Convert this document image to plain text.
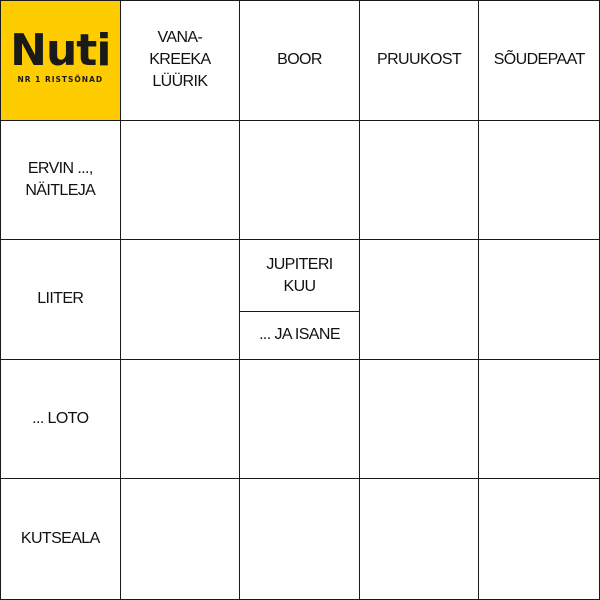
Nuti
NR 1 RISTSÕNAD
VANA-
KREEKA
LÜÜRIK
BOOR	PRUUKOST SÕUDEPAAT
ERVIN ...,
NÄITLEJA
LIITER
JUPITERI
KUU
... JA ISANE
... LOTO
KUTSEALA
